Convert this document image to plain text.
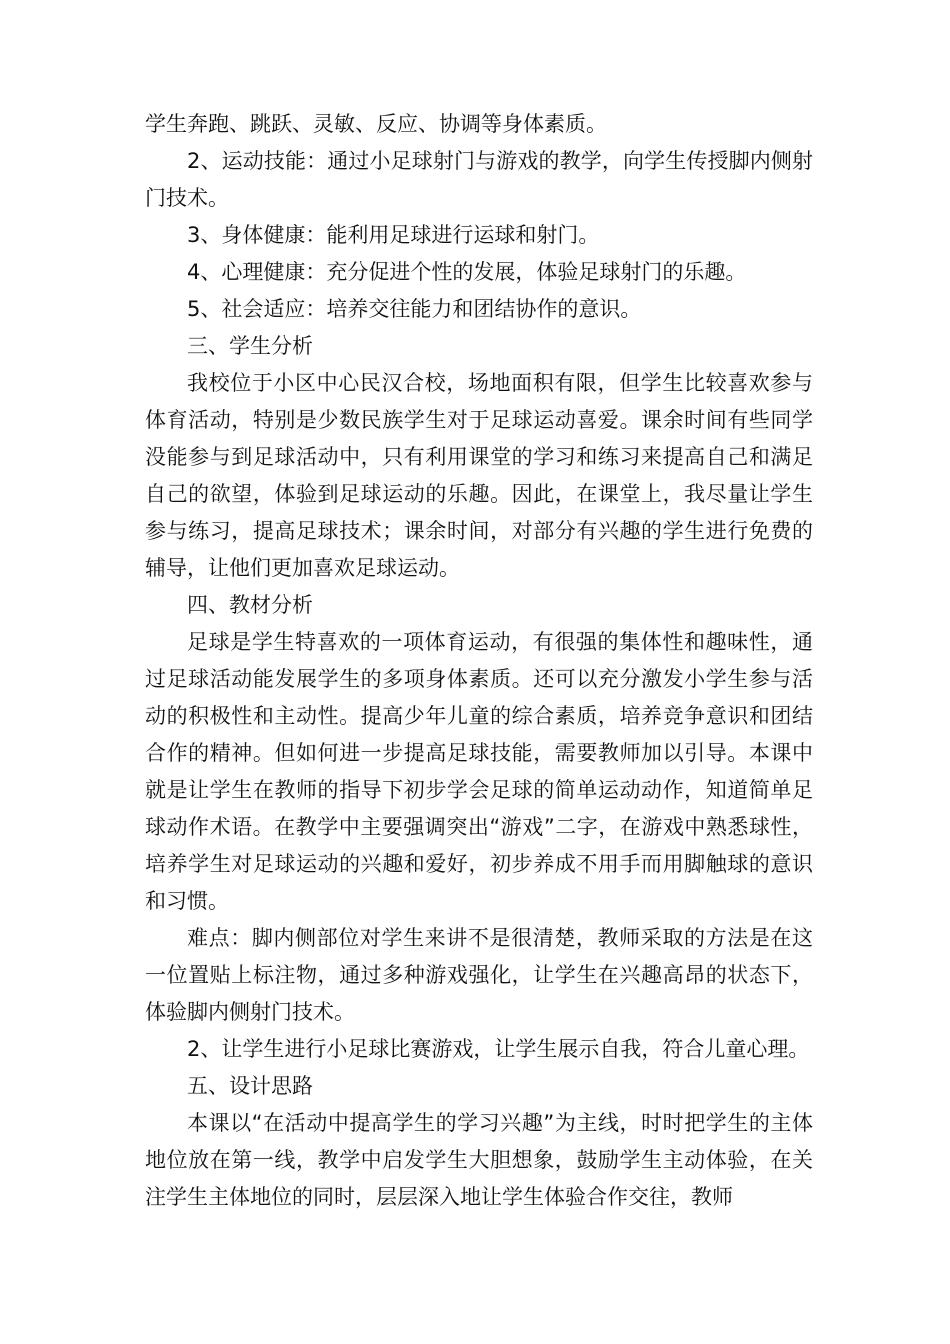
学生奔跑、跳跃、灵敏、反应、协调等身体素质。

2、运动技能：通过小足球射门与游戏的教学，向学生传授脚内侧射门技术。

3、身体健康：能利用足球进行运球和射门。

4、心理健康：充分促进个性的发展，体验足球射门的乐趣。

5、社会适应：培养交往能力和团结协作的意识。

三、学生分析

我校位于小区中心民汉合校，场地面积有限，但学生比较喜欢参与体育活动，特别是少数民族学生对于足球运动喜爱。课余时间有些同学没能参与到足球活动中，只有利用课堂的学习和练习来提高自己和满足自己的欲望，体验到足球运动的乐趣。因此，在课堂上，我尽量让学生参与练习，提高足球技术；课余时间，对部分有兴趣的学生进行免费的辅导，让他们更加喜欢足球运动。

四、教材分析

足球是学生特喜欢的一项体育运动，有很强的集体性和趣味性，通过足球活动能发展学生的多项身体素质。还可以充分激发小学生参与活动的积极性和主动性。提高少年儿童的综合素质，培养竞争意识和团结合作的精神。但如何进一步提高足球技能，需要教师加以引导。本课中就是让学生在教师的指导下初步学会足球的简单运动动作，知道简单足球动作术语。在教学中主要强调突出“游戏”二字，在游戏中熟悉球性，培养学生对足球运动的兴趣和爱好，初步养成不用手而用脚触球的意识和习惯。

难点：脚内侧部位对学生来讲不是很清楚，教师采取的方法是在这一位置贴上标注物，通过多种游戏强化，让学生在兴趣高昂的状态下，体验脚内侧射门技术。

2、让学生进行小足球比赛游戏，让学生展示自我，符合儿童心理。

五、设计思路

本课以“在活动中提高学生的学习兴趣”为主线，时时把学生的主体地位放在第一线，教学中启发学生大胆想象，鼓励学生主动体验，在关注学生主体地位的同时，层层深入地让学生体验合作交往，教师
